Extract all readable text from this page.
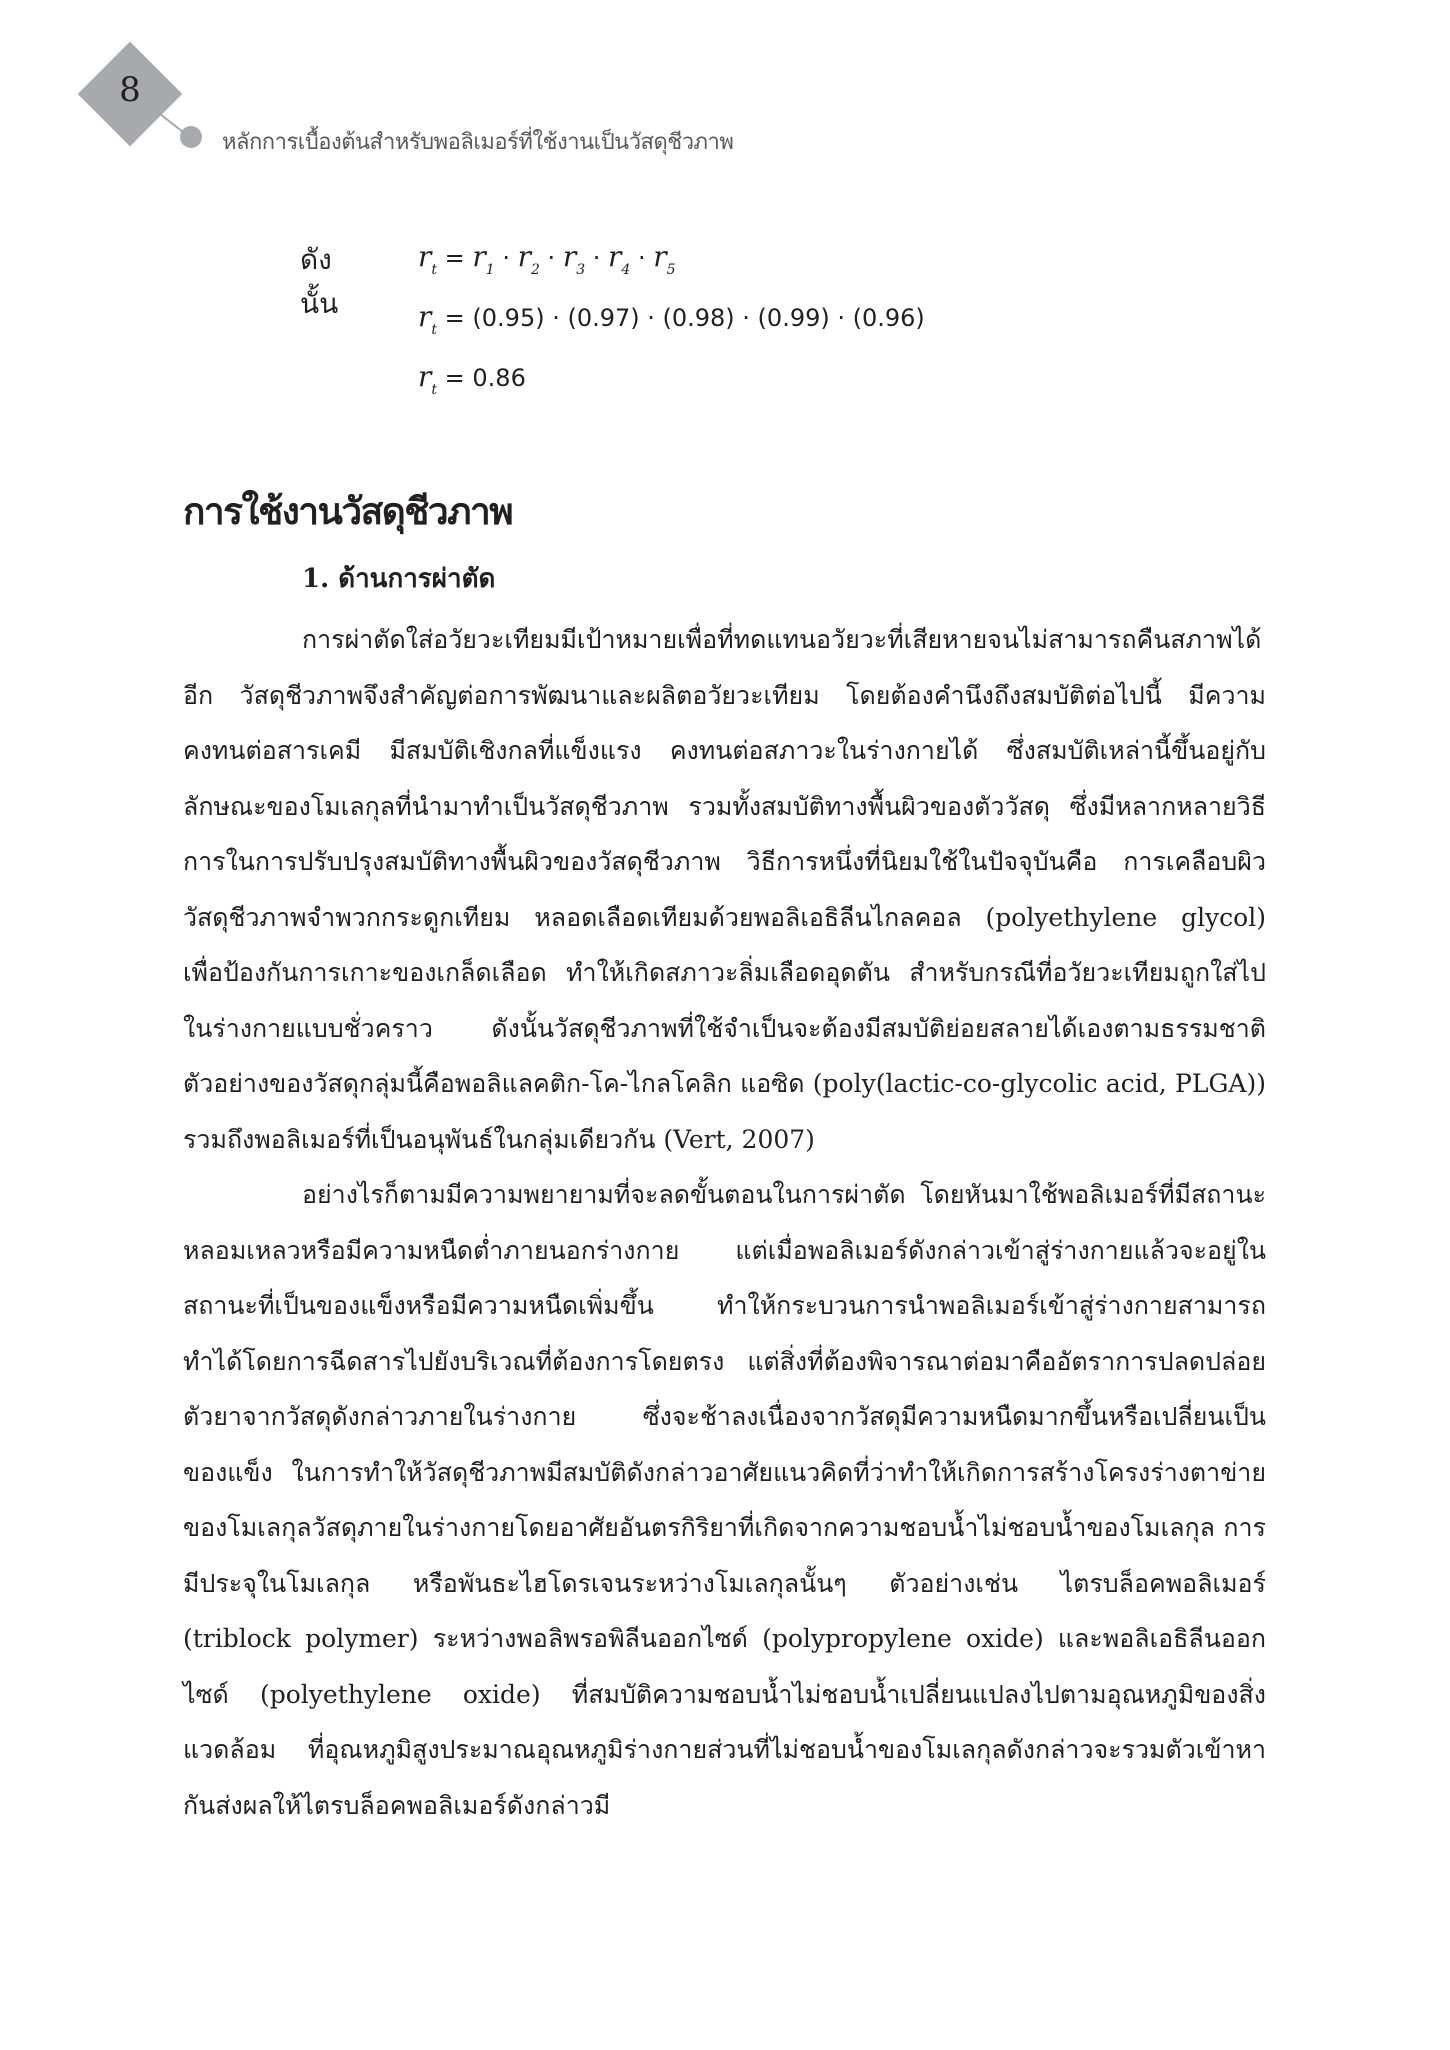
8
หลักการเบื้องต้นสำหรับพอลิเมอร์ที่ใช้งานเป็นวัสดุชีวภาพ
ดังนั้น
$r_t = r_1 \cdot r_2 \cdot r_3 \cdot r_4 \cdot r_5$
$r_t = (0.95) \cdot (0.97) \cdot (0.98) \cdot (0.99) \cdot (0.96)$
$r_t = 0.86$
การใช้งานวัสดุชีวภาพ
1. ด้านการผ่าตัด

การผ่าตัดใส่อวัยวะเทียมมีเป้าหมายเพื่อที่ทดแทนอวัยวะที่เสียหายจนไม่สามารถคืนสภาพได้อีก วัสดุชีวภาพจึงสำคัญต่อการพัฒนาและผลิตอวัยวะเทียม โดยต้องคำนึงถึงสมบัติต่อไปนี้ มีความคงทนต่อสารเคมี มีสมบัติเชิงกลที่แข็งแรง คงทนต่อสภาวะในร่างกายได้ ซึ่งสมบัติเหล่านี้ขึ้นอยู่กับลักษณะของโมเลกุลที่นำมาทำเป็นวัสดุชีวภาพ รวมทั้งสมบัติทางพื้นผิวของตัววัสดุ ซึ่งมีหลากหลายวิธีการในการปรับปรุงสมบัติทางพื้นผิวของวัสดุชีวภาพ วิธีการหนึ่งที่นิยมใช้ในปัจจุบันคือ การเคลือบผิววัสดุชีวภาพจำพวกกระดูกเทียม หลอดเลือดเทียมด้วยพอลิเอธิลีนไกลคอล (polyethylene glycol) เพื่อป้องกันการเกาะของเกล็ดเลือด ทำให้เกิดสภาวะลิ่มเลือดอุดตัน สำหรับกรณีที่อวัยวะเทียมถูกใส่ไปในร่างกายแบบชั่วคราว ดังนั้นวัสดุชีวภาพที่ใช้จำเป็นจะต้องมีสมบัติย่อยสลายได้เองตามธรรมชาติ ตัวอย่างของวัสดุกลุ่มนี้คือพอลิแลคติก-โค-ไกลโคลิก แอซิด (poly(lactic-co-glycolic acid, PLGA)) รวมถึงพอลิเมอร์ที่เป็นอนุพันธ์ในกลุ่มเดียวกัน (Vert, 2007)

อย่างไรก็ตามมีความพยายามที่จะลดขั้นตอนในการผ่าตัด โดยหันมาใช้พอลิเมอร์ที่มีสถานะหลอมเหลวหรือมีความหนืดต่ำภายนอกร่างกาย แต่เมื่อพอลิเมอร์ดังกล่าวเข้าสู่ร่างกายแล้วจะอยู่ในสถานะที่เป็นของแข็งหรือมีความหนืดเพิ่มขึ้น ทำให้กระบวนการนำพอลิเมอร์เข้าสู่ร่างกายสามารถทำได้โดยการฉีดสารไปยังบริเวณที่ต้องการโดยตรง แต่สิ่งที่ต้องพิจารณาต่อมาคืออัตราการปลดปล่อยตัวยาจากวัสดุดังกล่าวภายในร่างกาย ซึ่งจะช้าลงเนื่องจากวัสดุมีความหนืดมากขึ้นหรือเปลี่ยนเป็นของแข็ง ในการทำให้วัสดุชีวภาพมีสมบัติดังกล่าวอาศัยแนวคิดที่ว่าทำให้เกิดการสร้างโครงร่างตาข่ายของโมเลกุลวัสดุภายในร่างกายโดยอาศัยอันตรกิริยาที่เกิดจากความชอบน้ำไม่ชอบน้ำของโมเลกุล การมีประจุในโมเลกุล หรือพันธะไฮโดรเจนระหว่างโมเลกุลนั้นๆ ตัวอย่างเช่น ไตรบล็อคพอลิเมอร์ (triblock polymer) ระหว่างพอลิพรอพิลีนออกไซด์ (polypropylene oxide) และพอลิเอธิลีนออกไซด์ (polyethylene oxide) ที่สมบัติความชอบน้ำไม่ชอบน้ำเปลี่ยนแปลงไปตามอุณหภูมิของสิ่งแวดล้อม ที่อุณหภูมิสูงประมาณอุณหภูมิร่างกายส่วนที่ไม่ชอบน้ำของโมเลกุลดังกล่าวจะรวมตัวเข้าหากันส่งผลให้ไตรบล็อคพอลิเมอร์ดังกล่าวมี
